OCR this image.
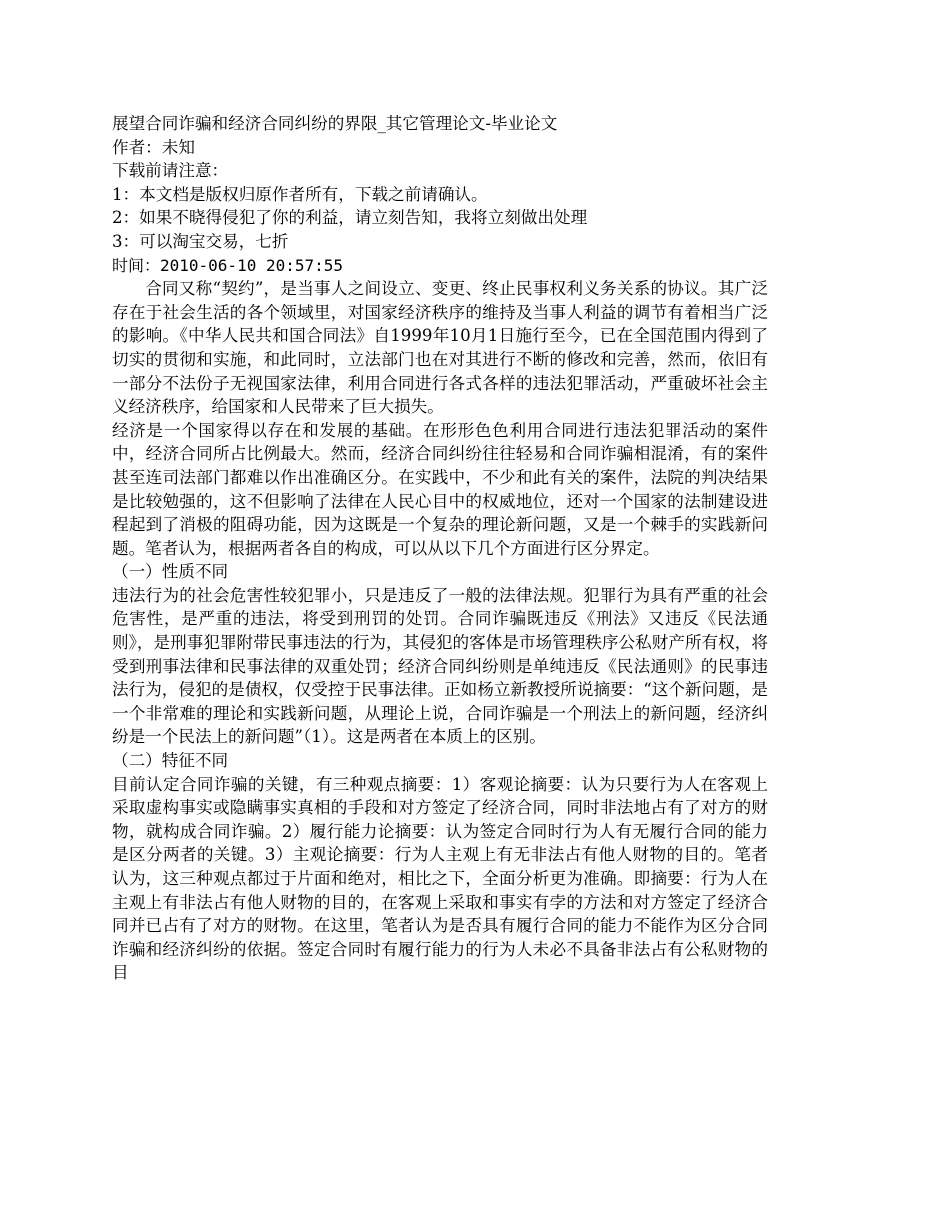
展望合同诈骗和经济合同纠纷的界限_其它管理论文-毕业论文
作者：未知
下载前请注意：
1：本文档是版权归原作者所有，下载之前请确认。
2：如果不晓得侵犯了你的利益，请立刻告知，我将立刻做出处理
3：可以淘宝交易，七折
时间：2010-06-10 20:57:55
合同又称“契约”，是当事人之间设立、变更、终止民事权利义务关系的协议。其广泛存在于社会生活的各个领域里，对国家经济秩序的维持及当事人利益的调节有着相当广泛的影响。《中华人民共和国合同法》自1999年10月1日施行至今，已在全国范围内得到了切实的贯彻和实施，和此同时，立法部门也在对其进行不断的修改和完善，然而，依旧有一部分不法份子无视国家法律，利用合同进行各式各样的违法犯罪活动，严重破坏社会主义经济秩序，给国家和人民带来了巨大损失。
经济是一个国家得以存在和发展的基础。在形形色色利用合同进行违法犯罪活动的案件中，经济合同所占比例最大。然而，经济合同纠纷往往轻易和合同诈骗相混淆，有的案件甚至连司法部门都难以作出准确区分。在实践中，不少和此有关的案件，法院的判决结果是比较勉强的，这不但影响了法律在人民心目中的权威地位，还对一个国家的法制建设进程起到了消极的阻碍功能，因为这既是一个复杂的理论新问题，又是一个棘手的实践新问题。笔者认为，根据两者各自的构成，可以从以下几个方面进行区分界定。
（一）性质不同
违法行为的社会危害性较犯罪小，只是违反了一般的法律法规。犯罪行为具有严重的社会危害性，是严重的违法，将受到刑罚的处罚。合同诈骗既违反《刑法》又违反《民法通则》，是刑事犯罪附带民事违法的行为，其侵犯的客体是市场管理秩序公私财产所有权，将受到刑事法律和民事法律的双重处罚；经济合同纠纷则是单纯违反《民法通则》的民事违法行为，侵犯的是债权，仅受控于民事法律。正如杨立新教授所说摘要：“这个新问题，是一个非常难的理论和实践新问题，从理论上说，合同诈骗是一个刑法上的新问题，经济纠纷是一个民法上的新问题”（1）。这是两者在本质上的区别。
（二）特征不同
目前认定合同诈骗的关键，有三种观点摘要：1）客观论摘要：认为只要行为人在客观上采取虚构事实或隐瞒事实真相的手段和对方签定了经济合同，同时非法地占有了对方的财物，就构成合同诈骗。2）履行能力论摘要：认为签定合同时行为人有无履行合同的能力是区分两者的关键。3）主观论摘要：行为人主观上有无非法占有他人财物的目的。笔者认为，这三种观点都过于片面和绝对，相比之下，全面分析更为准确。即摘要：行为人在主观上有非法占有他人财物的目的，在客观上采取和事实有孛的方法和对方签定了经济合同并已占有了对方的财物。在这里，笔者认为是否具有履行合同的能力不能作为区分合同诈骗和经济纠纷的依据。签定合同时有履行能力的行为人未必不具备非法占有公私财物的目
